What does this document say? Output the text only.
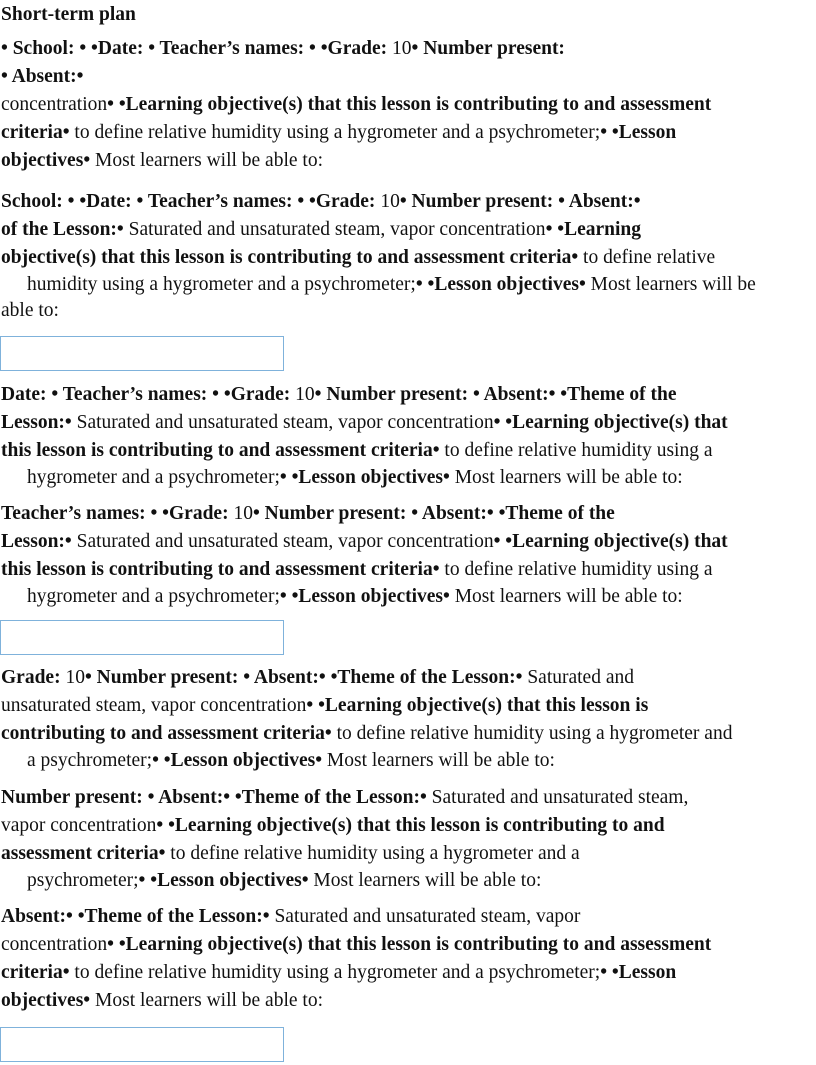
Short-term plan
• School: • •Date: • Teacher’s names: • •Grade: 10• Number present:
• Absent:•
concentration• •Learning objective(s) that this lesson is contributing to and assessment
criteria• to define relative humidity using a hygrometer and a psychrometer;• •Lesson
objectives• Most learners will be able to:
School: • •Date: • Teacher’s names: • •Grade: 10• Number present: • Absent:•
of the Lesson:• Saturated and unsaturated steam, vapor concentration• •Learning
objective(s) that this lesson is contributing to and assessment criteria• to define relative
humidity using a hygrometer and a psychrometer;• •Lesson objectives• Most learners will be
able to:
Date: • Teacher’s names: • •Grade: 10• Number present: • Absent:• •Theme of the
Lesson:• Saturated and unsaturated steam, vapor concentration• •Learning objective(s) that
this lesson is contributing to and assessment criteria• to define relative humidity using a
hygrometer and a psychrometer;• •Lesson objectives• Most learners will be able to:
Teacher’s names: • •Grade: 10• Number present: • Absent:• •Theme of the
Lesson:• Saturated and unsaturated steam, vapor concentration• •Learning objective(s) that
this lesson is contributing to and assessment criteria• to define relative humidity using a
hygrometer and a psychrometer;• •Lesson objectives• Most learners will be able to:
Grade: 10• Number present: • Absent:• •Theme of the Lesson:• Saturated and
unsaturated steam, vapor concentration• •Learning objective(s) that this lesson is
contributing to and assessment criteria• to define relative humidity using a hygrometer and
a psychrometer;• •Lesson objectives• Most learners will be able to:
Number present: • Absent:• •Theme of the Lesson:• Saturated and unsaturated steam,
vapor concentration• •Learning objective(s) that this lesson is contributing to and
assessment criteria• to define relative humidity using a hygrometer and a
psychrometer;• •Lesson objectives• Most learners will be able to:
Absent:• •Theme of the Lesson:• Saturated and unsaturated steam, vapor
concentration• •Learning objective(s) that this lesson is contributing to and assessment
criteria• to define relative humidity using a hygrometer and a psychrometer;• •Lesson
objectives• Most learners will be able to:
